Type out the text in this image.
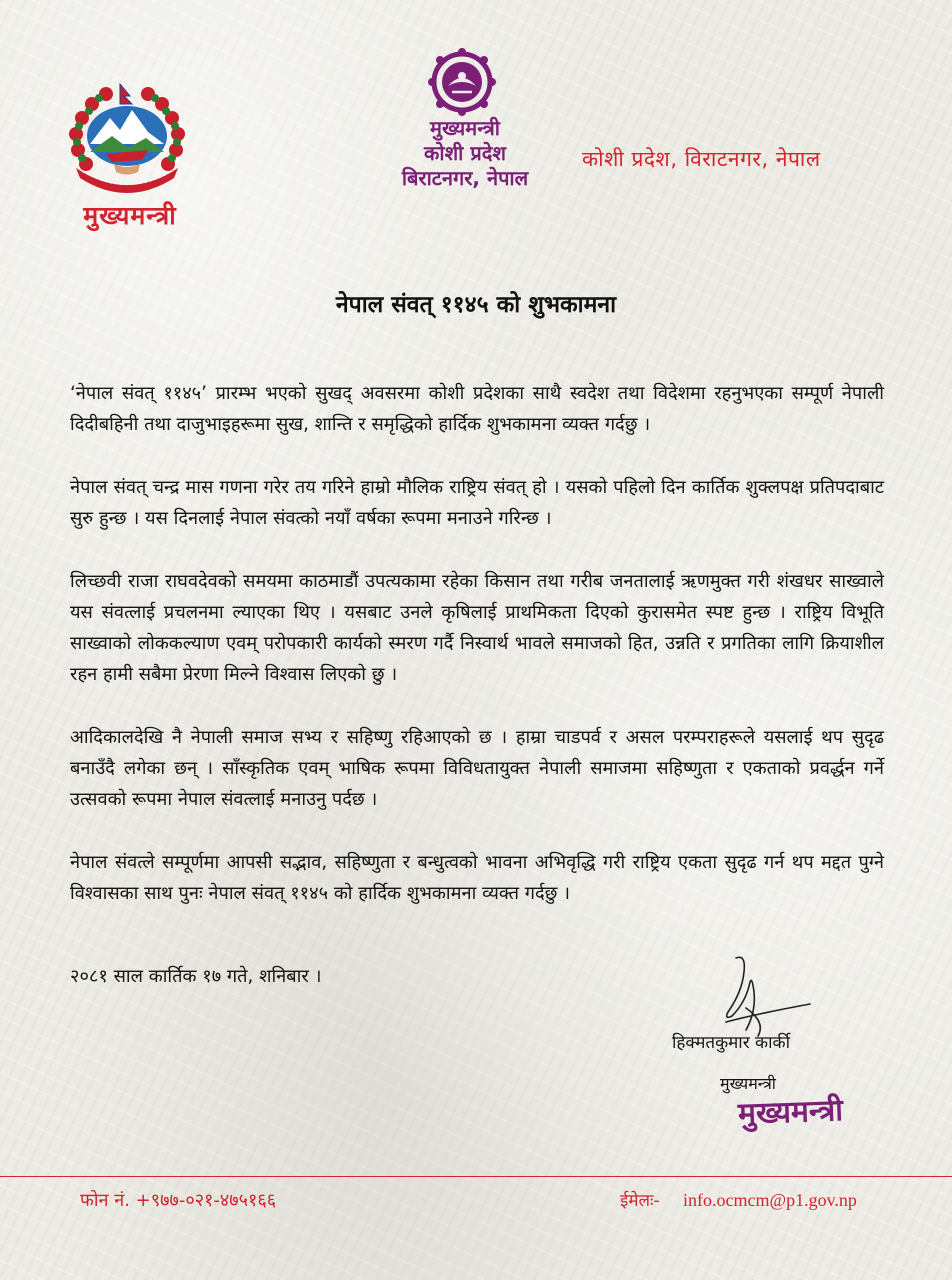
मुख्यमन्त्री
मुख्यमन्त्री
कोशी प्रदेश
बिराटनगर, नेपाल
कोशी प्रदेश, विराटनगर, नेपाल
नेपाल संवत् ११४५ को शुभकामना

‘नेपाल संवत् ११४५’ प्रारम्भ भएको सुखद् अवसरमा कोशी प्रदेशका साथै स्वदेश तथा विदेशमा रहनुभएका सम्पूर्ण नेपाली दिदीबहिनी तथा दाजुभाइहरूमा सुख, शान्ति र समृद्धिको हार्दिक शुभकामना व्यक्त गर्दछु ।

नेपाल संवत् चन्द्र मास गणना गरेर तय गरिने हाम्रो मौलिक राष्ट्रिय संवत् हो । यसको पहिलो दिन कार्तिक शुक्लपक्ष प्रतिपदाबाट सुरु हुन्छ । यस दिनलाई नेपाल संवत्को नयाँ वर्षका रूपमा मनाउने गरिन्छ ।

लिच्छवी राजा राघवदेवको समयमा काठमाडौं उपत्यकामा रहेका किसान तथा गरीब जनतालाई ऋणमुक्त गरी शंखधर साख्वाले यस संवत्लाई प्रचलनमा ल्याएका थिए । यसबाट उनले कृषिलाई प्राथमिकता दिएको कुरासमेत स्पष्ट हुन्छ । राष्ट्रिय विभूति साख्वाको लोककल्याण एवम् परोपकारी कार्यको स्मरण गर्दै निस्वार्थ भावले समाजको हित, उन्नति र प्रगतिका लागि क्रियाशील रहन हामी सबैमा प्रेरणा मिल्ने विश्वास लिएको छु ।

आदिकालदेखि नै नेपाली समाज सभ्य र सहिष्णु रहिआएको छ । हाम्रा चाडपर्व र असल परम्पराहरूले यसलाई थप सुदृढ बनाउँदै लगेका छन् । साँस्कृतिक एवम् भाषिक रूपमा विविधतायुक्त नेपाली समाजमा सहिष्णुता र एकताको प्रवर्द्धन गर्ने उत्सवको रूपमा नेपाल संवत्लाई मनाउनु पर्दछ ।

नेपाल संवत्ले सम्पूर्णमा आपसी सद्भाव, सहिष्णुता र बन्धुत्वको भावना अभिवृद्धि गरी राष्ट्रिय एकता सुदृढ गर्न थप मद्दत पुग्ने विश्वासका साथ पुनः नेपाल संवत् ११४५ को हार्दिक शुभकामना व्यक्त गर्दछु ।

२०८१ साल कार्तिक १७ गते, शनिबार ।
हिक्मतकुमार कार्की
मुख्यमन्त्री
मुख्यमन्त्री
फोन नं. +९७७-०२१-४७५१६६	ईमेलः- info.ocmcm@p1.gov.np
